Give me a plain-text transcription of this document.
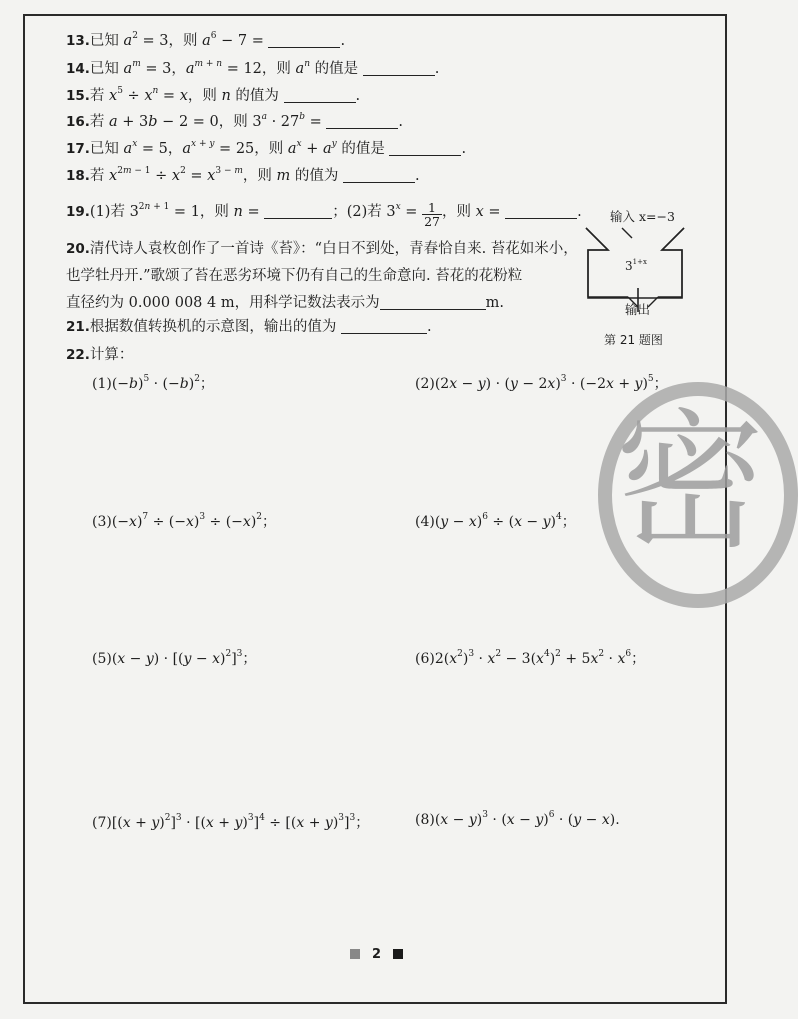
13.已知 $a^2 = 3$，则 $a^6 - 7$ =	.
14.已知 $a^m = 3$，$a^{m + n} = 12$，则 $a^n$ 的值是	.
15.若 $x^5 \div x^n = x$，则 n 的值为	.
16.若 a + 3b − 2 = 0，则 $3^a \cdot 27^b$ =	.
17.已知 $a^x = 5$，$a^{x + y} = 25$，则 $a^x + a^y$ 的值是	.
18.若 $x^{2m - 1} \div x^2 = x^{3 - m}$，则 m 的值为	.
19.(1)若 $3^{2n + 1} = 1$，则 n =	；(2)若 $3^x = \frac{1}{27}$ ，则 x =	.
20.清代诗人袁枚创作了一首诗《苔》：“白日不到处，青春恰自来. 苔花如米小，
也学牡丹开.”歌颂了苔在恶劣环境下仍有自己的生命意向. 苔花的花粉粒
直径约为 0.000 008 4 m，用科学记数法表示为	m.
21.根据数值转换机的示意图，输出的值为	.
22.计算：
输入 x=−3
$3^{1+x}$
输出
第 21 题图
$(1)(-b)^5 \cdot (-b)^2$；	$(2)(2x - y) \cdot (y - 2x)^3 \cdot (-2x + y)^5$；
$(3)(-x)^7 \div (-x)^3 \div (-x)^2$；	$(4)(y - x)^6 \div (x - y)^4$；
$(5)(x - y) \cdot [(y - x)^2]^3$；	$(6)2(x^2)^3 \cdot x^2 - 3(x^4)^2 + 5x^2 \cdot x^6$；
$(7)[(x + y)^2]^3 \cdot [(x + y)^3]^4 \div [(x + y)^3]^3$；	$(8)(x - y)^3 \cdot (x - y)^6 \cdot (y - x)$.
密
2
